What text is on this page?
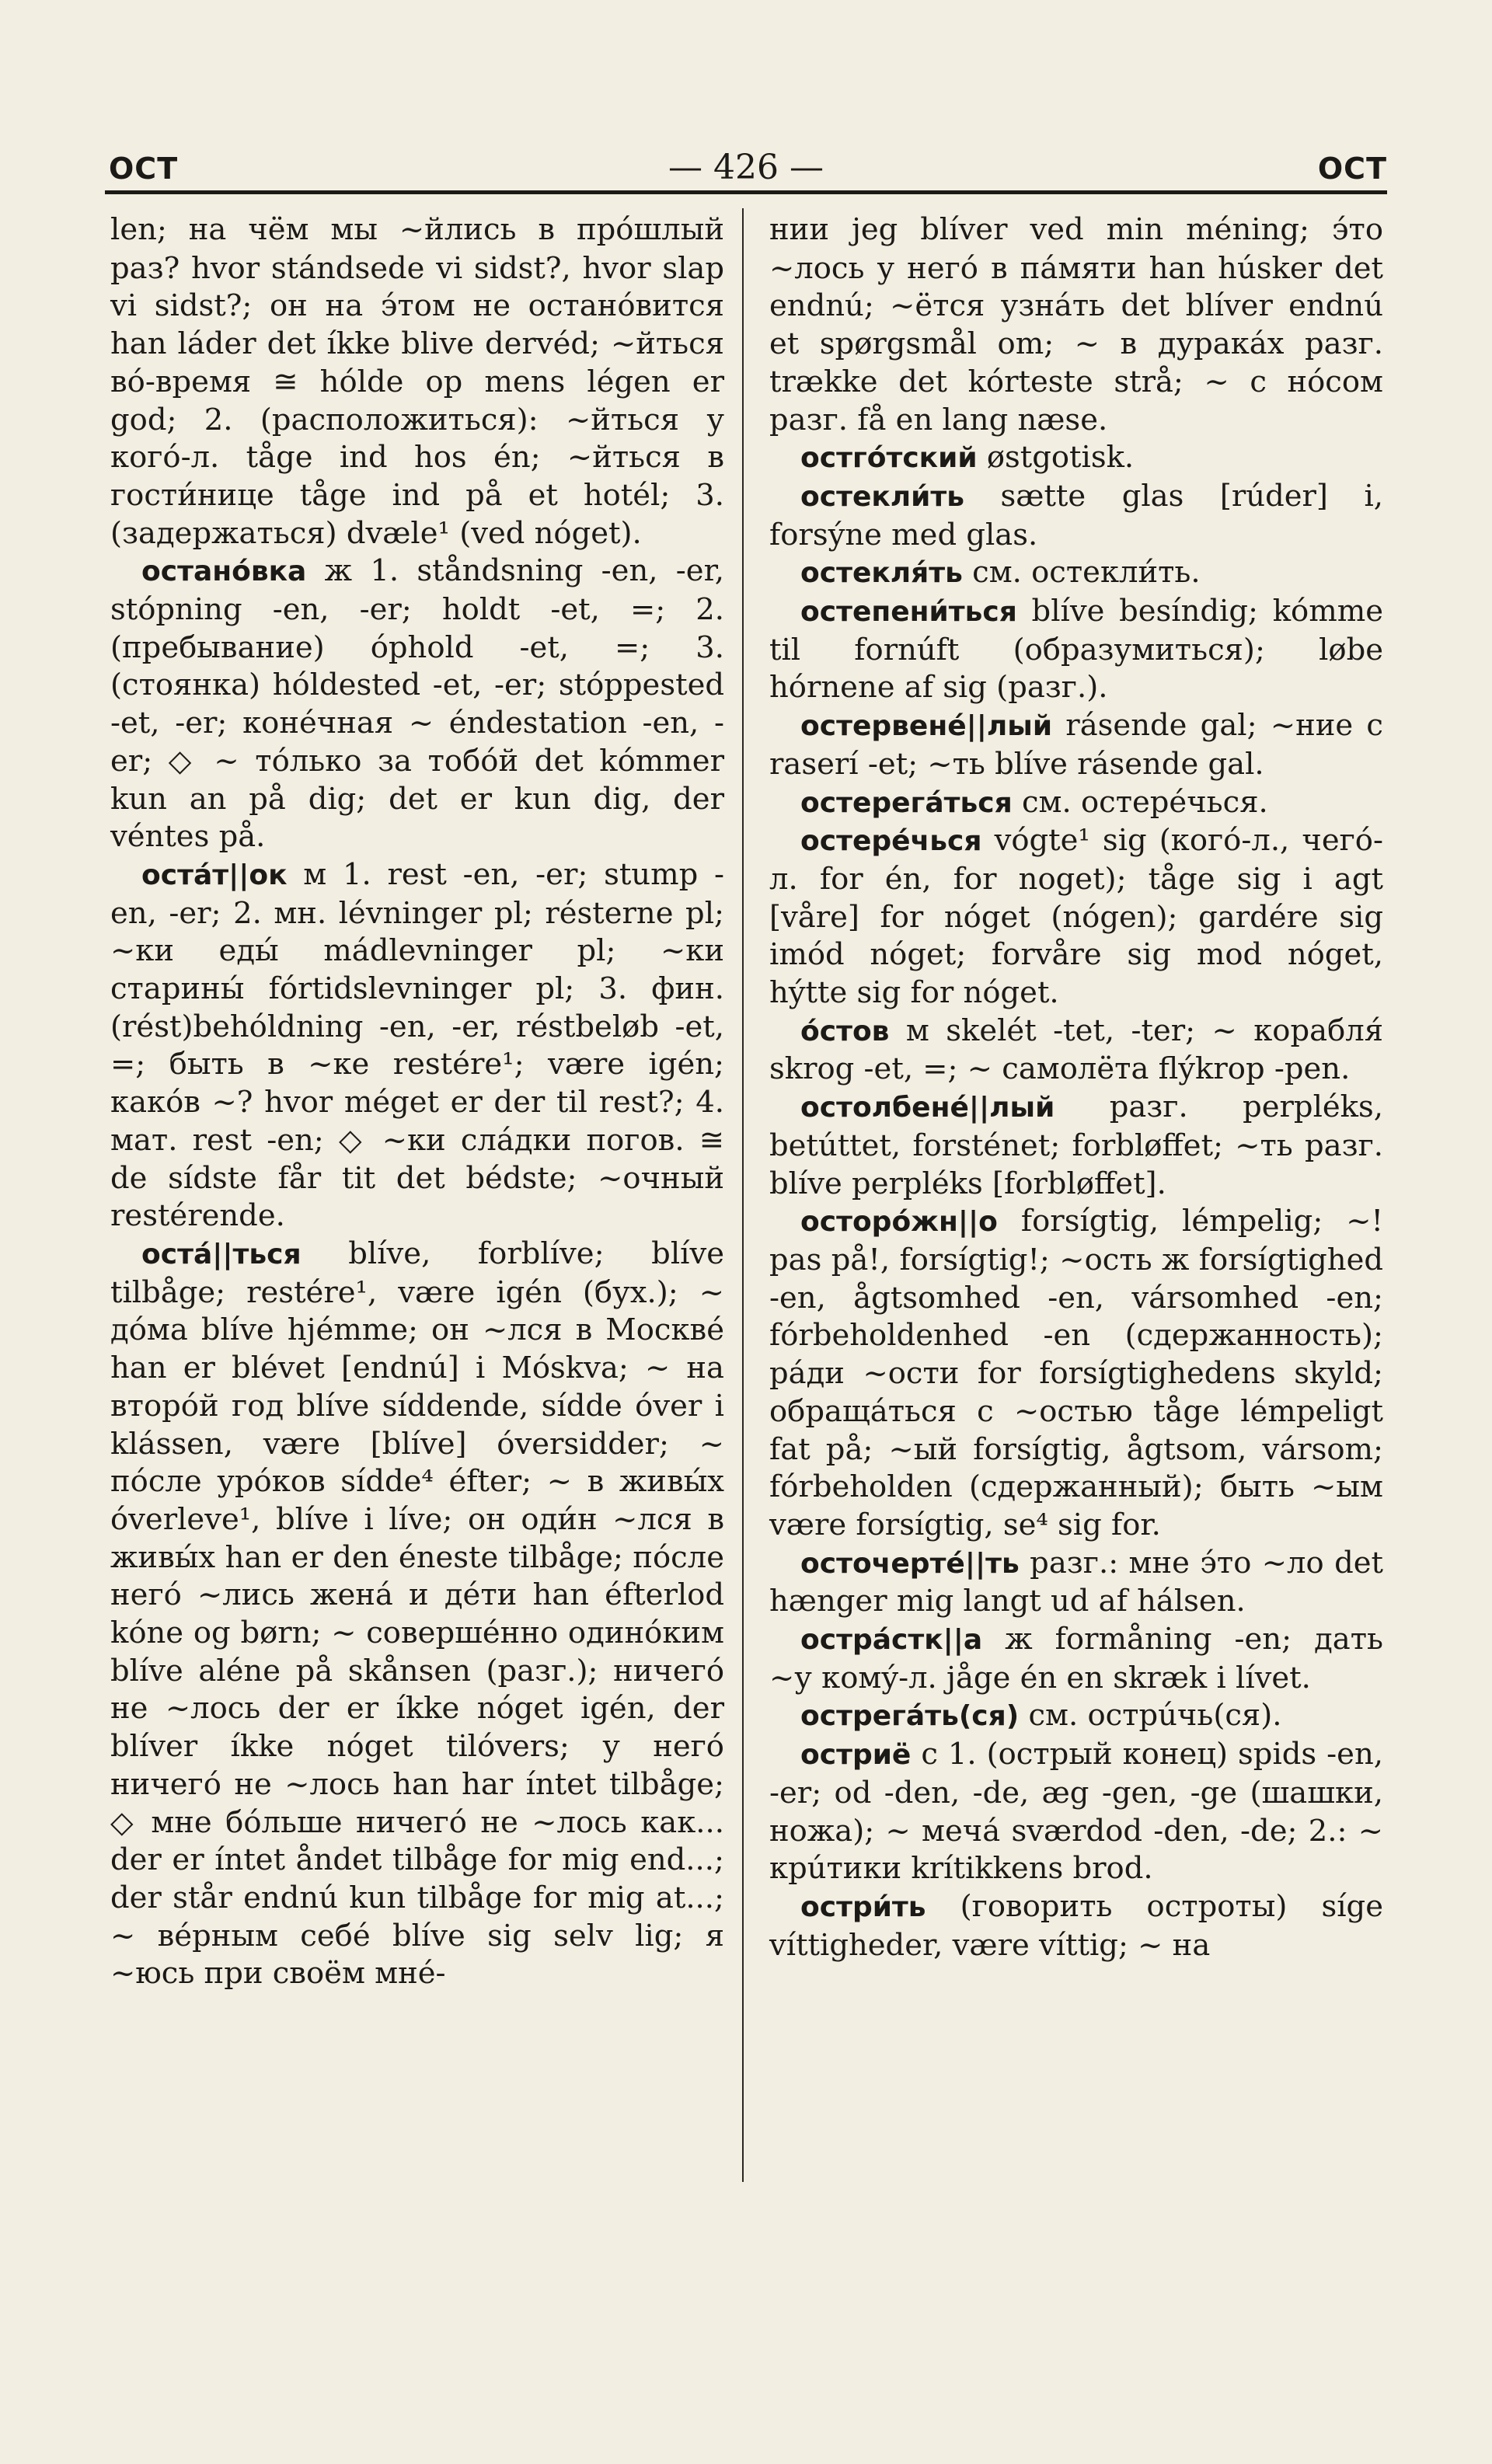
ОСТ	— 426 —	ОСТ

len; на чём мы ~йлись в прóшлый раз? hvor stándsede vi sidst?, hvor slap vi sidst?; он на э́том не останóвится han láder det íkke blive dervéd; ~йться вó-время ≅ hólde op mens légen er god; 2. (расположиться): ~йться у когó-л. tåge ind hos én; ~йться в гости́нице tåge ind på et hotél; 3. (задержаться) dvæle¹ (ved nóget).

останóвка ж 1. ståndsning -en, -er, stópning -en, -er; holdt -et, =; 2. (пребывание) óphold -et, =; 3. (стоянка) hóldested -et, -er; stóppested -et, -er; конéчная ~ éndestation -en, -er; ◇ ~ тóлько за тобóй det kómmer kun an på dig; det er kun dig, der véntes på.

остáт||ок м 1. rest -en, -er; stump -en, -er; 2. мн. lévninger pl; résterne pl; ~ки еды́ mádlevninger pl; ~ки старины́ fórtidslevninger pl; 3. фин. (rést)behóldning -en, -er, réstbeløb -et, =; быть в ~ке restére¹; være igén; какóв ~? hvor méget er der til rest?; 4. мат. rest -en; ◇ ~ки слáдки погов. ≅ de sídste får tit det bédste; ~очный restérende.

остá||ться blíve, forblíve; blíve tilbåge; restére¹, være igén (бух.); ~ дóма blíve hjémme; он ~лся в Москвé han er blévet [endnú] i Móskva; ~ на вторóй год blíve síddende, sídde óver i klássen, være [blíve] óversidder; ~ пóсле урóков sídde⁴ éfter; ~ в живы́х óverleve¹, blíve i líve; он оди́н ~лся в живы́х han er den éneste tilbåge; пóсле негó ~лись женá и дéти han éfterlod kóne og børn; ~ совершéнно одинóким blíve aléne på skånsen (разг.); ничегó не ~лось der er íkke nóget igén, der blíver íkke nóget tilóvers; у негó ничегó не ~лось han har íntet tilbåge; ◇ мне бóльше ничегó не ~лось как... der er íntet åndet tilbåge for mig end...; der står endnú kun tilbåge for mig at...; ~ вéрным себé blíve sig selv lig; я ~юсь при своём мнé-

нии jeg blíver ved min méning; э́то ~лось у негó в пáмяти han húsker det endnú; ~ётся узнáть det blíver endnú et spørgsmål om; ~ в дуракáх разг. trække det kórteste strå; ~ с нóсом разг. få en lang næse.

остгóтский østgotisk.

остекли́ть sætte glas [rúder] i, forsýne med glas.

остекля́ть см. остекли́ть.

остепени́ться blíve besíndig; kómme til fornúft (образумиться); løbe hórnene af sig (разг.).

остервенé||лый rásende gal; ~ние с raserí -et; ~ть blíve rásende gal.

остерегáться см. остерéчься.

остерéчься vógte¹ sig (когó-л., чегó-л. for én, for noget); tåge sig i agt [våre] for nóget (nógen); gardére sig imód nóget; forvåre sig mod nóget, hýtte sig for nóget.

óстов м skelét -tet, -ter; ~ корабля́ skrog -et, =; ~ самолёта flýkrop -pen.

остолбенé||лый разг. perpléks, betúttet, forsténet; forbløffet; ~ть разг. blíve perpléks [forbløffet].

осторóжн||о forsígtig, lémpelig; ~! pas på!, forsígtig!; ~ость ж forsígtighed -en, ågtsomhed -en, vársomhed -en; fórbeholdenhed -en (сдержанность); рáди ~ости for forsígtighedens skyld; обращáться с ~остью tåge lémpeligt fat på; ~ый forsígtig, ågtsom, vársom; fórbeholden (сдержанный); быть ~ым være forsígtig, se⁴ sig for.

осточерте́||ть разг.: мне э́то ~ло det hænger mig langt ud af hálsen.

острáстк||а ж formåning -en; дать ~у комý-л. jåge én en skræk i lívet.

острегáть(ся) см. острúчь(ся).

остриё с 1. (острый конец) spids -en, -er; od -den, -de, æg -gen, -ge (шашки, ножа); ~ мечá sværdod -den, -de; 2.: ~ крúтики krítikkens brod.

остри́ть (говорить остроты) síge víttigheder, være víttig; ~ на
